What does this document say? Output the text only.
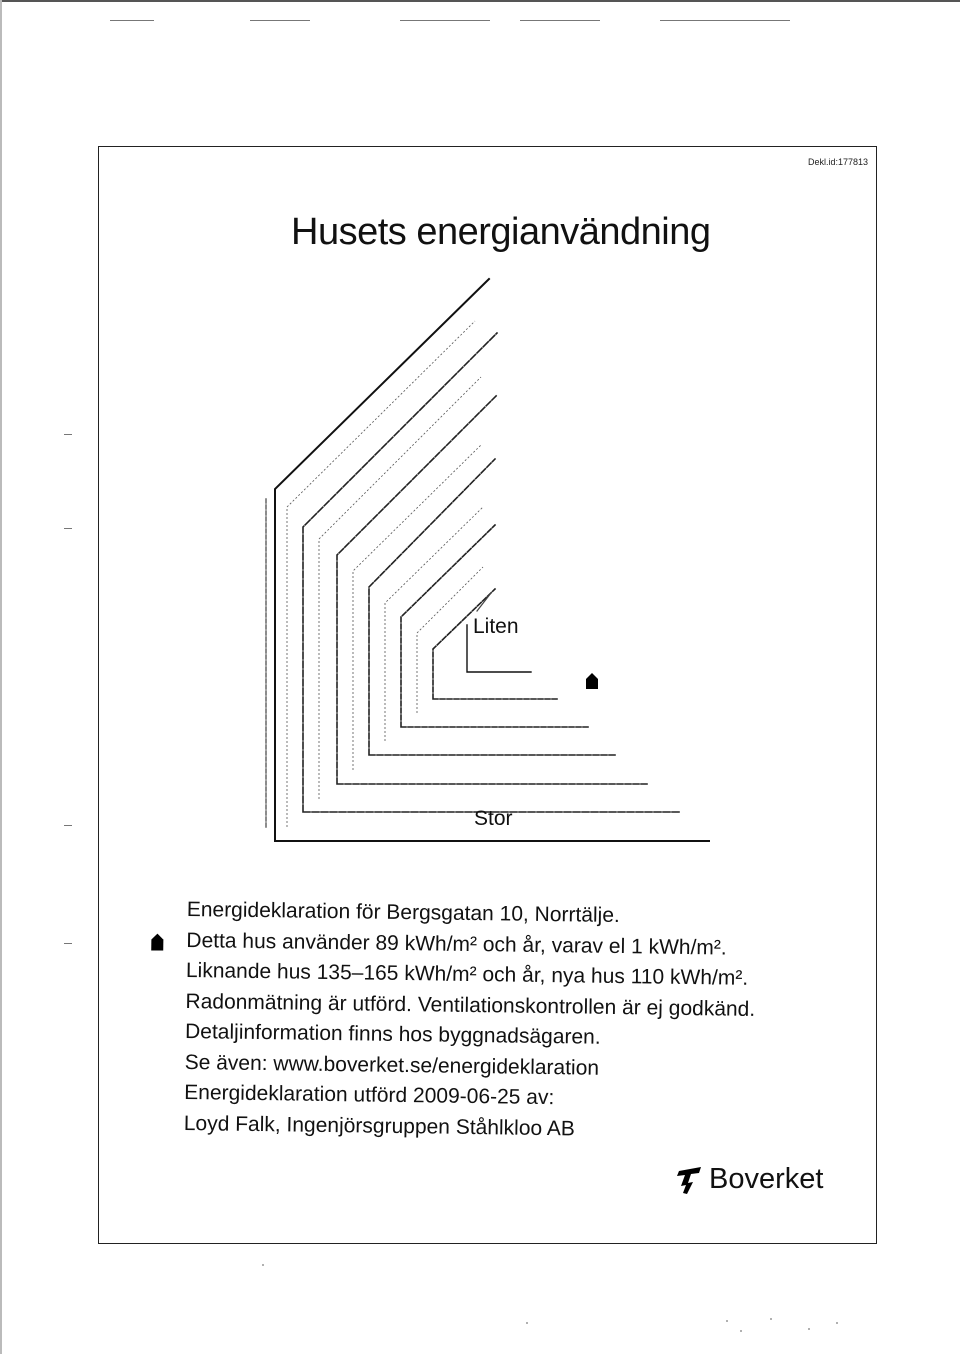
Dekl.id:177813
Husets energianvändning
Liten
Stor
Energideklaration för Bergsgatan 10, Norrtälje.
Detta hus använder 89 kWh/m² och år, varav el 1 kWh/m².
Liknande hus 135–165 kWh/m² och år, nya hus 110 kWh/m².
Radonmätning är utförd. Ventilationskontrollen är ej godkänd.
Detaljinformation finns hos byggnadsägaren.
Se även: www.boverket.se/energideklaration
Energideklaration utförd 2009-06-25 av:
Loyd Falk, Ingenjörsgruppen Ståhlkloo AB
Boverket
